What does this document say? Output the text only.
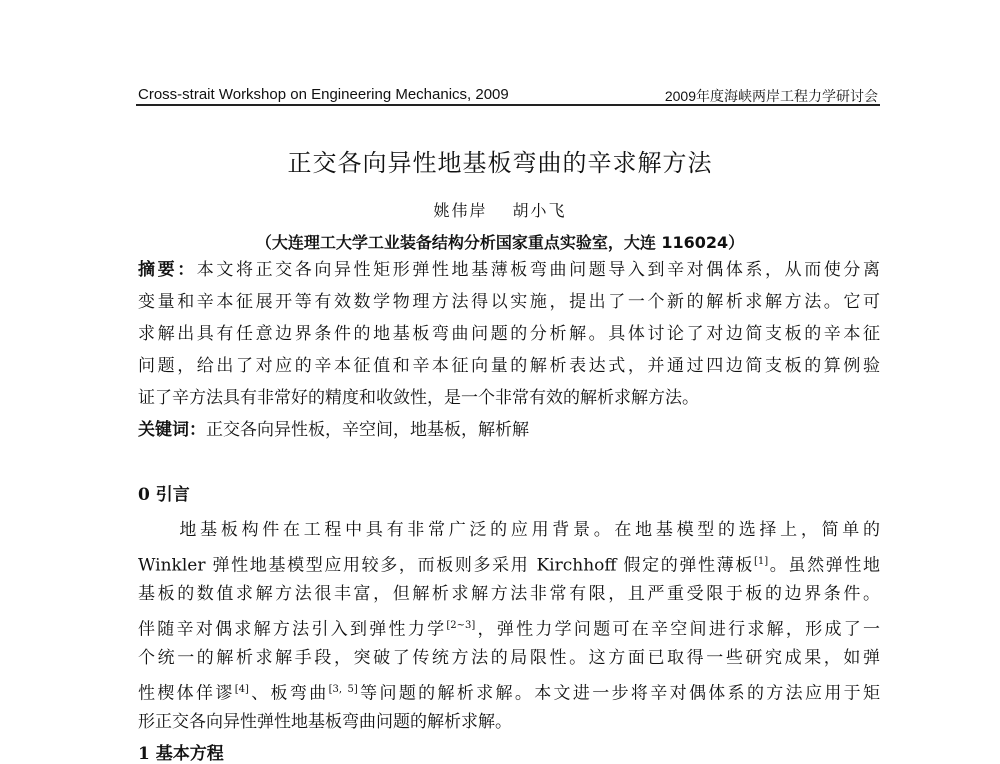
Cross-strait Workshop on Engineering Mechanics, 2009	2009年度海峡两岸工程力学研讨会
正交各向异性地基板弯曲的辛求解方法
姚伟岸　 胡小飞
（大连理工大学工业装备结构分析国家重点实验室，大连 116024）
摘要：本文将正交各向异性矩形弹性地基薄板弯曲问题导入到辛对偶体系，从而使分离
变量和辛本征展开等有效数学物理方法得以实施，提出了一个新的解析求解方法。它可
求解出具有任意边界条件的地基板弯曲问题的分析解。具体讨论了对边简支板的辛本征
问题，给出了对应的辛本征值和辛本征向量的解析表达式，并通过四边简支板的算例验
证了辛方法具有非常好的精度和收敛性，是一个非常有效的解析求解方法。
关键词：正交各向异性板，辛空间，地基板，解析解
0 引言
　　地基板构件在工程中具有非常广泛的应用背景。在地基模型的选择上，简单的
Winkler 弹性地基模型应用较多，而板则多采用 Kirchhoff 假定的弹性薄板[1]。虽然弹性地
基板的数值求解方法很丰富，但解析求解方法非常有限，且严重受限于板的边界条件。
伴随辛对偶求解方法引入到弹性力学[2~3]，弹性力学问题可在辛空间进行求解，形成了一
个统一的解析求解手段，突破了传统方法的局限性。这方面已取得一些研究成果，如弹
性楔体佯谬[4]、板弯曲[3, 5]等问题的解析求解。本文进一步将辛对偶体系的方法应用于矩
形正交各向异性弹性地基板弯曲问题的解析求解。
1 基本方程
